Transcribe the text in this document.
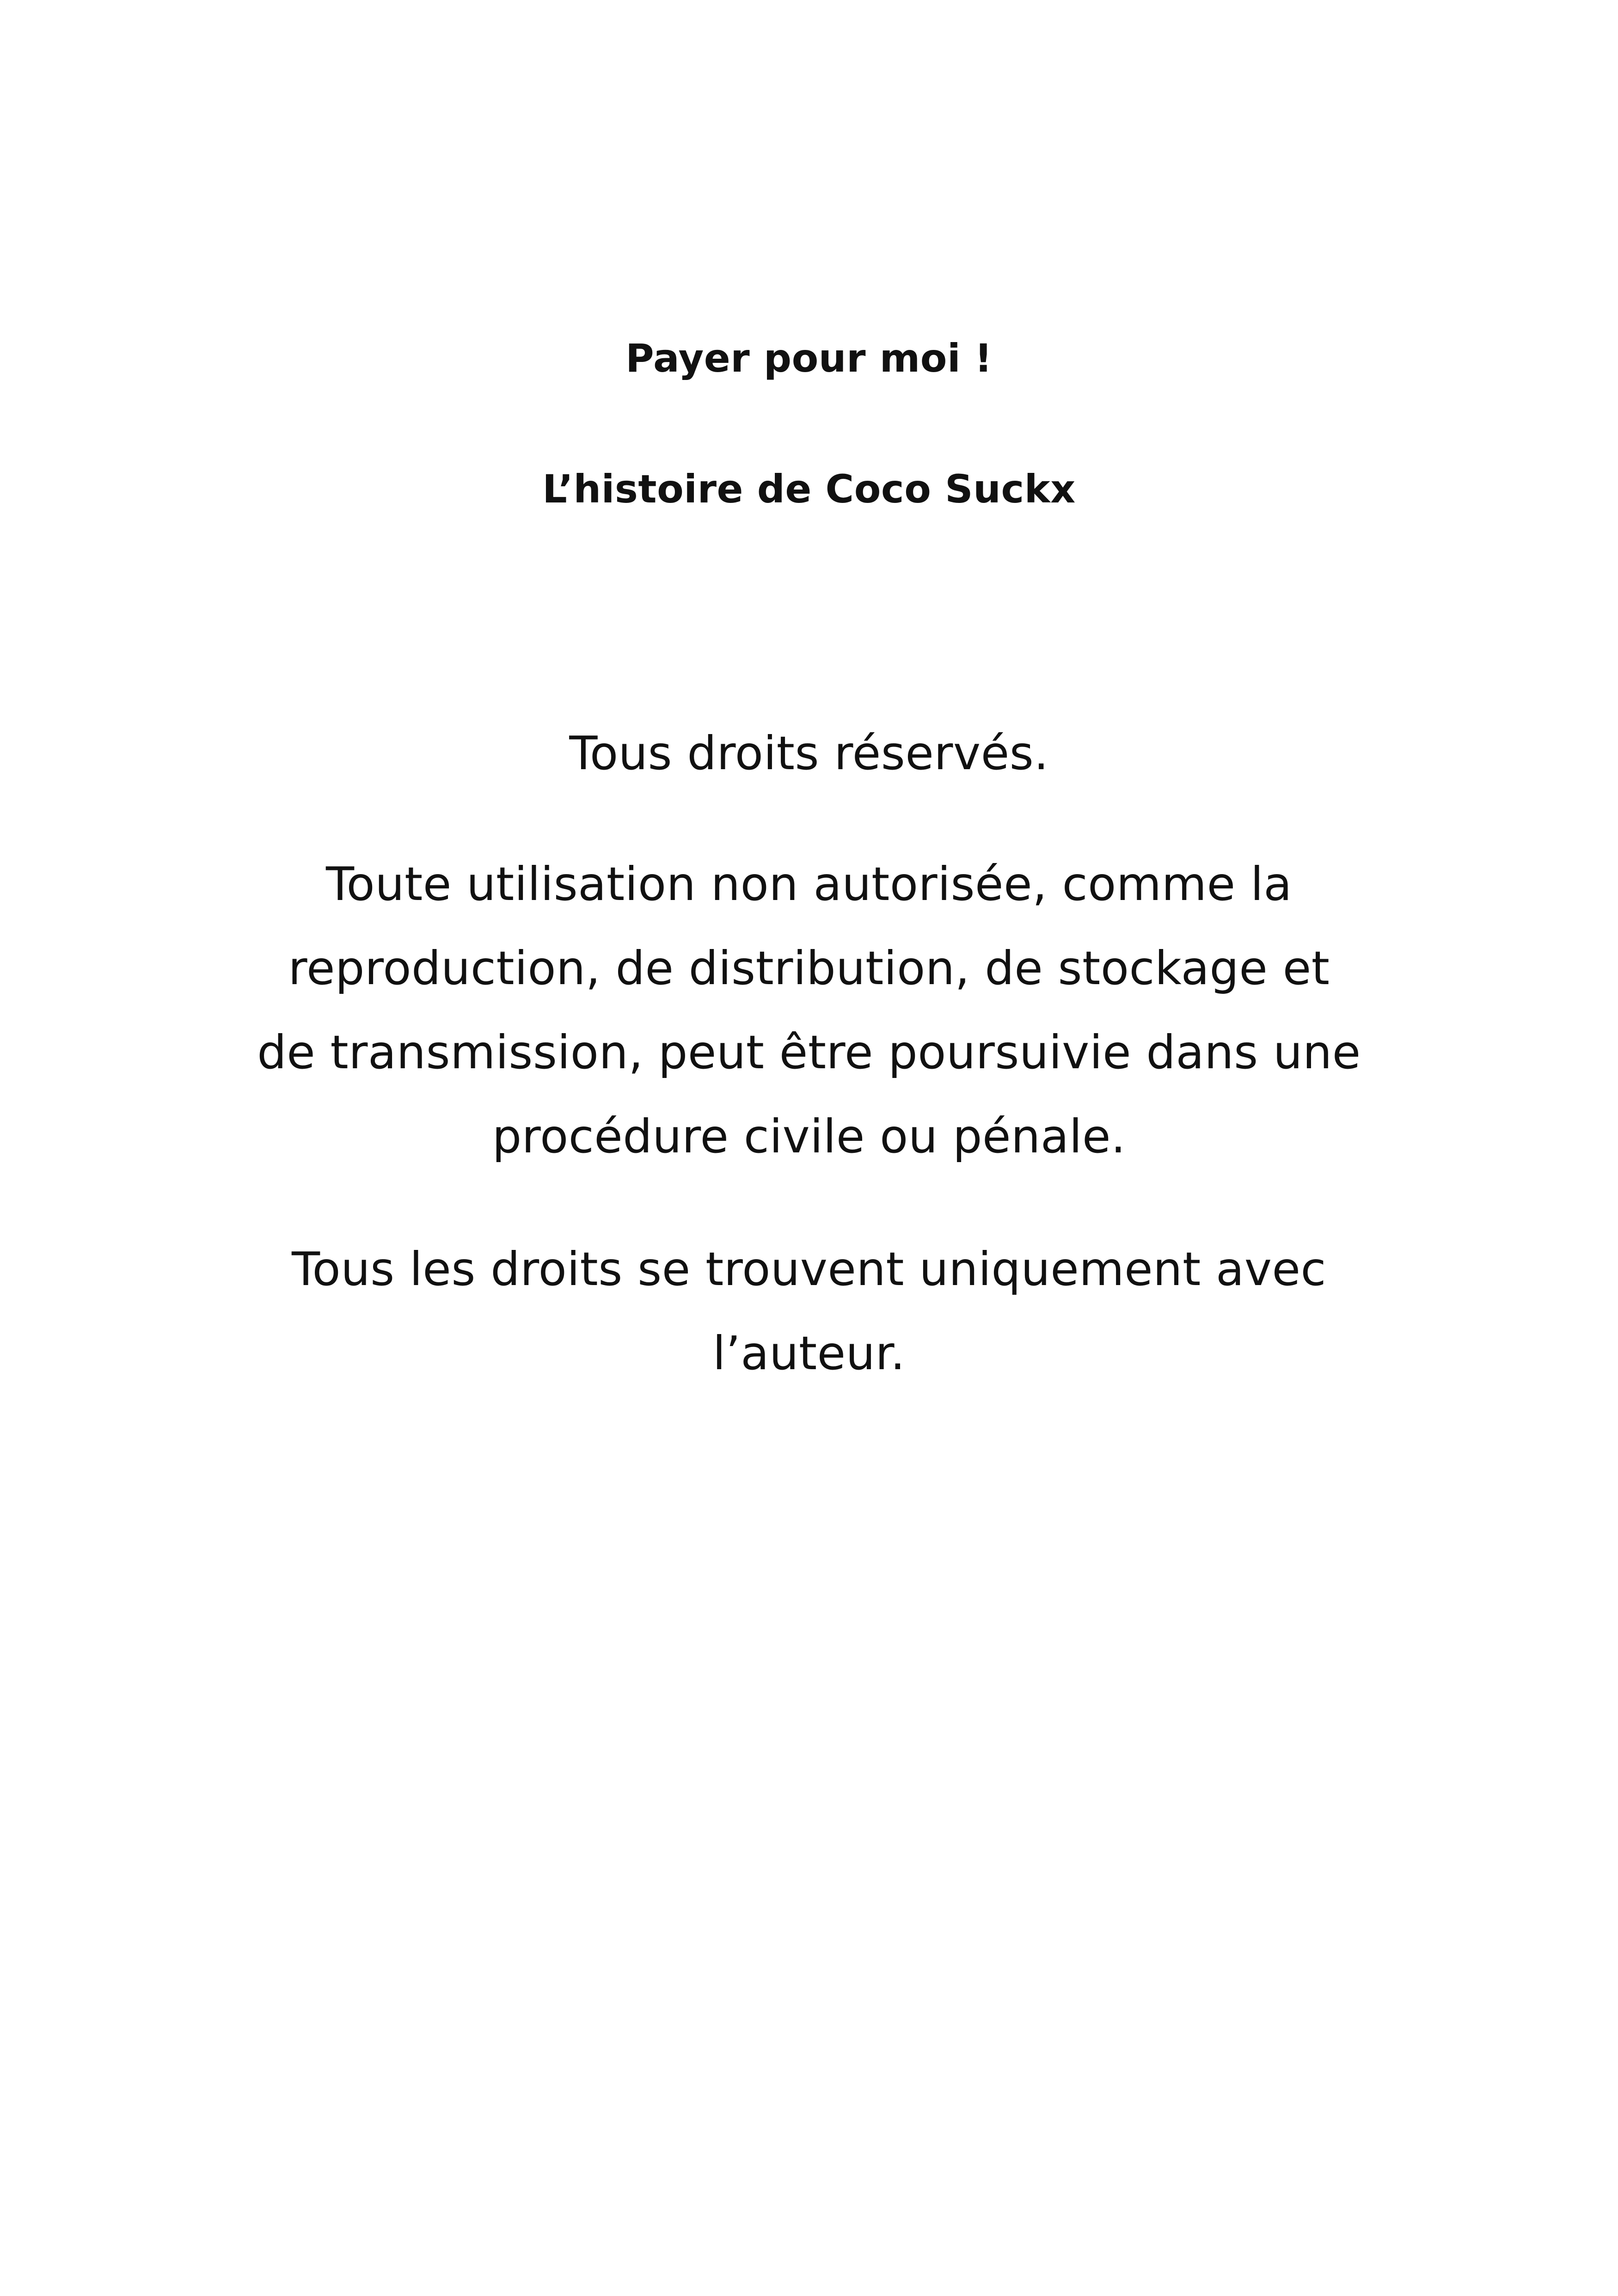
Payer pour moi !
L’histoire de Coco Suckx
Tous droits réservés.
Toute utilisation non autorisée, comme la
reproduction, de distribution, de stockage et
de transmission, peut être poursuivie dans une
procédure civile ou pénale.
Tous les droits se trouvent uniquement avec
l’auteur.
